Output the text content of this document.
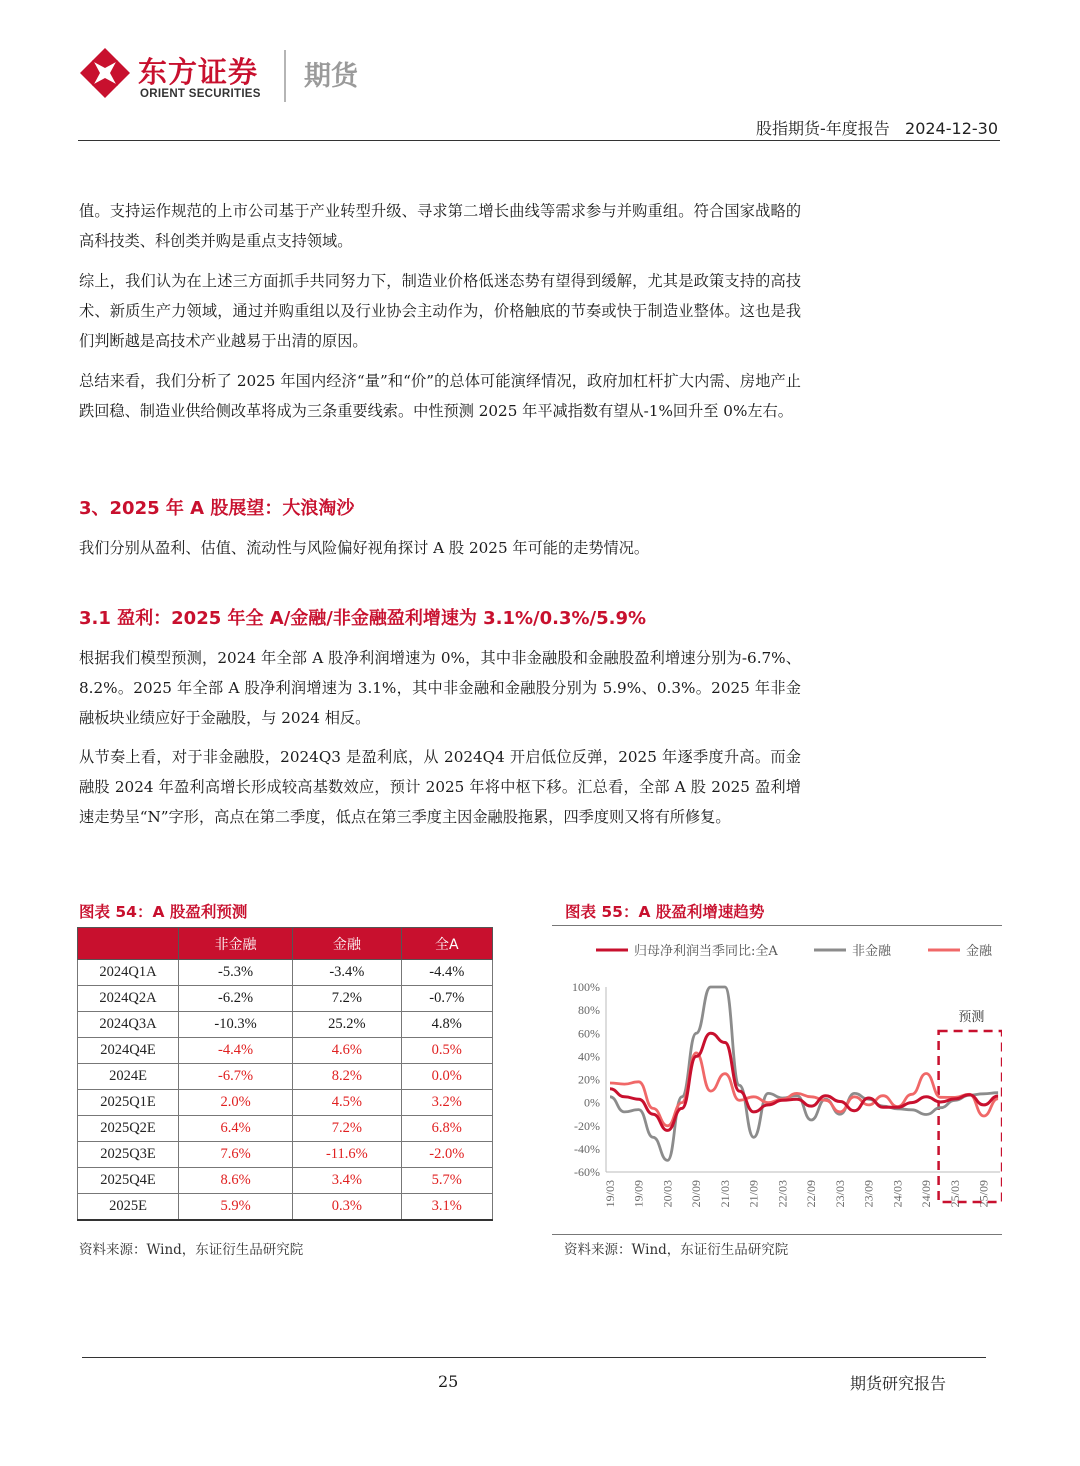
东方证券
ORIENT SECURITIES
期货
股指期货-年度报告 2024-12-30
值。支持运作规范的上市公司基于产业转型升级、寻求第二增长曲线等需求参与并购重组。符合国家战略的高科技类、科创类并购是重点支持领域。
综上，我们认为在上述三方面抓手共同努力下，制造业价格低迷态势有望得到缓解，尤其是政策支持的高技术、新质生产力领域，通过并购重组以及行业协会主动作为，价格触底的节奏或快于制造业整体。这也是我们判断越是高技术产业越易于出清的原因。
总结来看，我们分析了 2025 年国内经济“量”和“价”的总体可能演绎情况，政府加杠杆扩大内需、房地产止跌回稳、制造业供给侧改革将成为三条重要线索。中性预测 2025 年平减指数有望从-1%回升至 0%左右。
3、2025 年 A 股展望：大浪淘沙
我们分别从盈利、估值、流动性与风险偏好视角探讨 A 股 2025 年可能的走势情况。
3.1 盈利：2025 年全 A/金融/非金融盈利增速为 3.1%/0.3%/5.9%
根据我们模型预测，2024 年全部 A 股净利润增速为 0%，其中非金融股和金融股盈利增速分别为-6.7%、8.2%。2025 年全部 A 股净利润增速为 3.1%，其中非金融和金融股分别为 5.9%、0.3%。2025 年非金融板块业绩应好于金融股，与 2024 相反。
从节奏上看，对于非金融股，2024Q3 是盈利底，从 2024Q4 开启低位反弹，2025 年逐季度升高。而金融股 2024 年盈利高增长形成较高基数效应，预计 2025 年将中枢下移。汇总看，全部 A 股 2025 盈利增速走势呈“N”字形，高点在第二季度，低点在第三季度主因金融股拖累，四季度则又将有所修复。
图表 54：A 股盈利预测
	非金融	金融	全A
2024Q1A	-5.3%	-3.4%	-4.4%
2024Q2A	-6.2%	7.2%	-0.7%
2024Q3A	-10.3%	25.2%	4.8%
2024Q4E	-4.4%	4.6%	0.5%
2024E	-6.7%	8.2%	0.0%
2025Q1E	2.0%	4.5%	3.2%
2025Q2E	6.4%	7.2%	6.8%
2025Q3E	7.6%	-11.6%	-2.0%
2025Q4E	8.6%	3.4%	5.7%
2025E	5.9%	0.3%	3.1%
资料来源：Wind，东证衍生品研究院
图表 55：A 股盈利增速趋势
归母净利润当季同比:全A	非金融	金融
100%
80%
60%
40%
20%
0%
-20%
-40%
-60%
19/03 19/09 20/03 20/09 21/03 21/09 22/03 22/09 23/03 23/09 24/03 24/09 25/03 25/09
预测
资料来源：Wind，东证衍生品研究院
25	期货研究报告
